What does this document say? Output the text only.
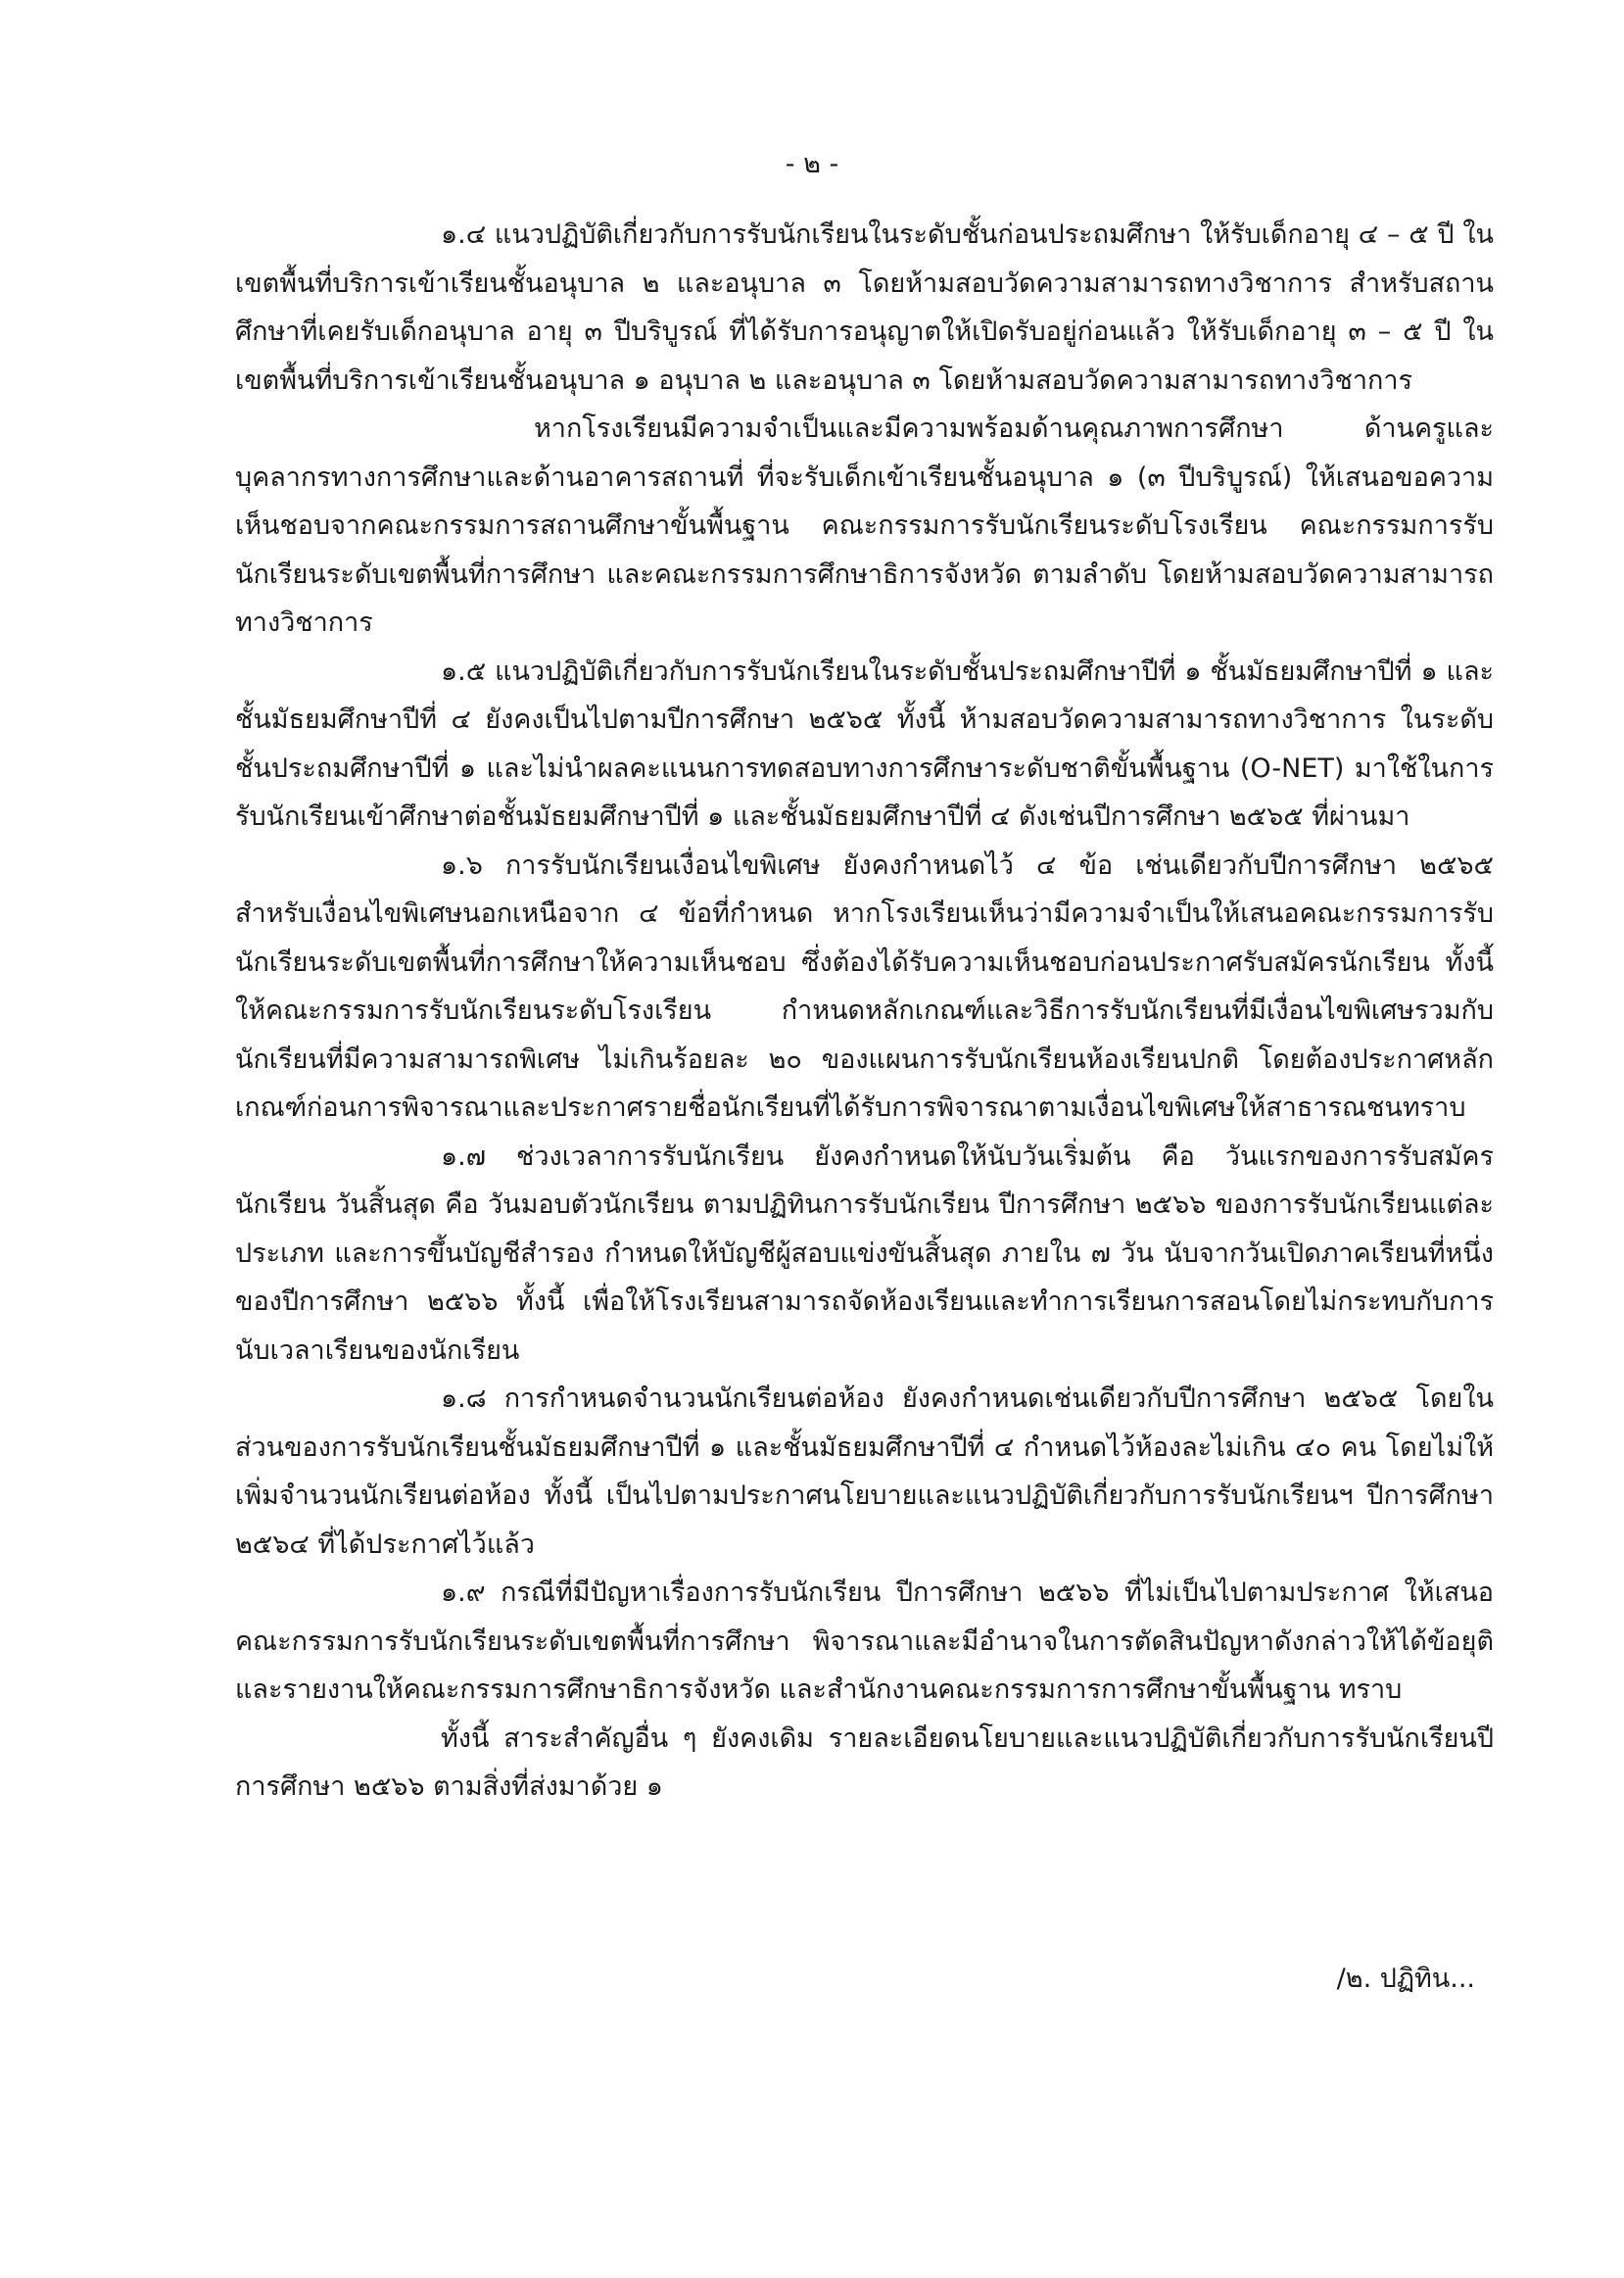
- ๒ -

๑.๔ แนวปฏิบัติเกี่ยวกับการรับนักเรียนในระดับชั้นก่อนประถมศึกษา ให้รับเด็กอายุ ๔ – ๕ ปี ในเขตพื้นที่บริการเข้าเรียนชั้นอนุบาล ๒ และอนุบาล ๓ โดยห้ามสอบวัดความสามารถทางวิชาการ สำหรับสถานศึกษาที่เคยรับเด็กอนุบาล อายุ ๓ ปีบริบูรณ์ ที่ได้รับการอนุญาตให้เปิดรับอยู่ก่อนแล้ว ให้รับเด็กอายุ ๓ – ๕ ปี ในเขตพื้นที่บริการเข้าเรียนชั้นอนุบาล ๑ อนุบาล ๒ และอนุบาล ๓ โดยห้ามสอบวัดความสามารถทางวิชาการ

หากโรงเรียนมีความจำเป็นและมีความพร้อมด้านคุณภาพการศึกษา ด้านครูและบุคลากรทางการศึกษาและด้านอาคารสถานที่ ที่จะรับเด็กเข้าเรียนชั้นอนุบาล ๑ (๓ ปีบริบูรณ์) ให้เสนอขอความเห็นชอบจากคณะกรรมการสถานศึกษาขั้นพื้นฐาน คณะกรรมการรับนักเรียนระดับโรงเรียน คณะกรรมการรับนักเรียนระดับเขตพื้นที่การศึกษา และคณะกรรมการศึกษาธิการจังหวัด ตามลำดับ โดยห้ามสอบวัดความสามารถทางวิชาการ

๑.๕ แนวปฏิบัติเกี่ยวกับการรับนักเรียนในระดับชั้นประถมศึกษาปีที่ ๑ ชั้นมัธยมศึกษาปีที่ ๑ และชั้นมัธยมศึกษาปีที่ ๔ ยังคงเป็นไปตามปีการศึกษา ๒๕๖๕ ทั้งนี้ ห้ามสอบวัดความสามารถทางวิชาการ ในระดับชั้นประถมศึกษาปีที่ ๑ และไม่นำผลคะแนนการทดสอบทางการศึกษาระดับชาติขั้นพื้นฐาน (O-NET) มาใช้ในการรับนักเรียนเข้าศึกษาต่อชั้นมัธยมศึกษาปีที่ ๑ และชั้นมัธยมศึกษาปีที่ ๔ ดังเช่นปีการศึกษา ๒๕๖๕ ที่ผ่านมา

๑.๖ การรับนักเรียนเงื่อนไขพิเศษ ยังคงกำหนดไว้ ๔ ข้อ เช่นเดียวกับปีการศึกษา ๒๕๖๕ สำหรับเงื่อนไขพิเศษนอกเหนือจาก ๔ ข้อที่กำหนด หากโรงเรียนเห็นว่ามีความจำเป็นให้เสนอคณะกรรมการรับนักเรียนระดับเขตพื้นที่การศึกษาให้ความเห็นชอบ ซึ่งต้องได้รับความเห็นชอบก่อนประกาศรับสมัครนักเรียน ทั้งนี้ ให้คณะกรรมการรับนักเรียนระดับโรงเรียน กำหนดหลักเกณฑ์และวิธีการรับนักเรียนที่มีเงื่อนไขพิเศษรวมกับนักเรียนที่มีความสามารถพิเศษ ไม่เกินร้อยละ ๒๐ ของแผนการรับนักเรียนห้องเรียนปกติ โดยต้องประกาศหลักเกณฑ์ก่อนการพิจารณาและประกาศรายชื่อนักเรียนที่ได้รับการพิจารณาตามเงื่อนไขพิเศษให้สาธารณชนทราบ

๑.๗ ช่วงเวลาการรับนักเรียน ยังคงกำหนดให้นับวันเริ่มต้น คือ วันแรกของการรับสมัครนักเรียน วันสิ้นสุด คือ วันมอบตัวนักเรียน ตามปฏิทินการรับนักเรียน ปีการศึกษา ๒๕๖๖ ของการรับนักเรียนแต่ละประเภท และการขึ้นบัญชีสำรอง กำหนดให้บัญชีผู้สอบแข่งขันสิ้นสุด ภายใน ๗ วัน นับจากวันเปิดภาคเรียนที่หนึ่งของปีการศึกษา ๒๕๖๖ ทั้งนี้ เพื่อให้โรงเรียนสามารถจัดห้องเรียนและทำการเรียนการสอนโดยไม่กระทบกับการนับเวลาเรียนของนักเรียน

๑.๘ การกำหนดจำนวนนักเรียนต่อห้อง ยังคงกำหนดเช่นเดียวกับปีการศึกษา ๒๕๖๕ โดยในส่วนของการรับนักเรียนชั้นมัธยมศึกษาปีที่ ๑ และชั้นมัธยมศึกษาปีที่ ๔ กำหนดไว้ห้องละไม่เกิน ๔๐ คน โดยไม่ให้เพิ่มจำนวนนักเรียนต่อห้อง ทั้งนี้ เป็นไปตามประกาศนโยบายและแนวปฏิบัติเกี่ยวกับการรับนักเรียนฯ ปีการศึกษา ๒๕๖๔ ที่ได้ประกาศไว้แล้ว

๑.๙ กรณีที่มีปัญหาเรื่องการรับนักเรียน ปีการศึกษา ๒๕๖๖ ที่ไม่เป็นไปตามประกาศ ให้เสนอคณะกรรมการรับนักเรียนระดับเขตพื้นที่การศึกษา พิจารณาและมีอำนาจในการตัดสินปัญหาดังกล่าวให้ได้ข้อยุติ และรายงานให้คณะกรรมการศึกษาธิการจังหวัด และสำนักงานคณะกรรมการการศึกษาขั้นพื้นฐาน ทราบ

ทั้งนี้ สาระสำคัญอื่น ๆ ยังคงเดิม รายละเอียดนโยบายและแนวปฏิบัติเกี่ยวกับการรับนักเรียนปีการศึกษา ๒๕๖๖ ตามสิ่งที่ส่งมาด้วย ๑

/๒. ปฏิทิน...
